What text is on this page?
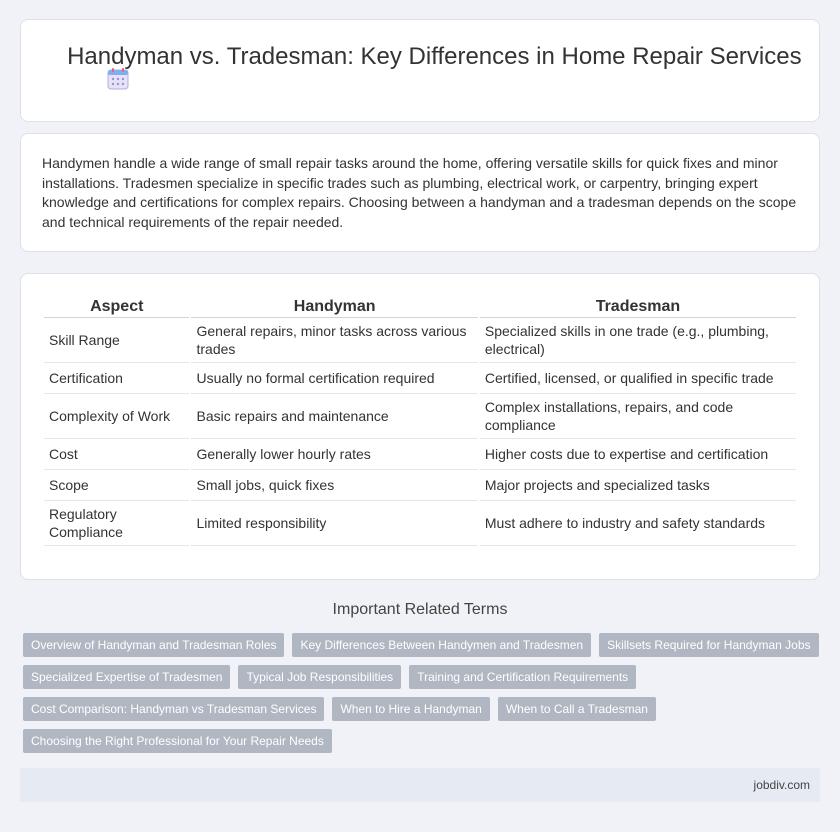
Handyman vs. Tradesman: Key Differences in Home Repair Services

Handymen handle a wide range of small repair tasks around the home, offering versatile skills for quick fixes and minor installations. Tradesmen specialize in specific trades such as plumbing, electrical work, or carpentry, bringing expert knowledge and certifications for complex repairs. Choosing between a handyman and a tradesman depends on the scope and technical requirements of the repair needed.

Aspect	Handyman	Tradesman
Skill Range	General repairs, minor tasks across various trades	Specialized skills in one trade (e.g., plumbing, electrical)
Certification	Usually no formal certification required	Certified, licensed, or qualified in specific trade
Complexity of Work	Basic repairs and maintenance	Complex installations, repairs, and code compliance
Cost	Generally lower hourly rates	Higher costs due to expertise and certification
Scope	Small jobs, quick fixes	Major projects and specialized tasks
Regulatory Compliance	Limited responsibility	Must adhere to industry and safety standards
Important Related Terms
Overview of Handyman and Tradesman Roles	Key Differences Between Handymen and Tradesmen	Skillsets Required for Handyman Jobs
Specialized Expertise of Tradesmen	Typical Job Responsibilities	Training and Certification Requirements
Cost Comparison: Handyman vs Tradesman Services	When to Hire a Handyman	When to Call a Tradesman
Choosing the Right Professional for Your Repair Needs
jobdiv.com
